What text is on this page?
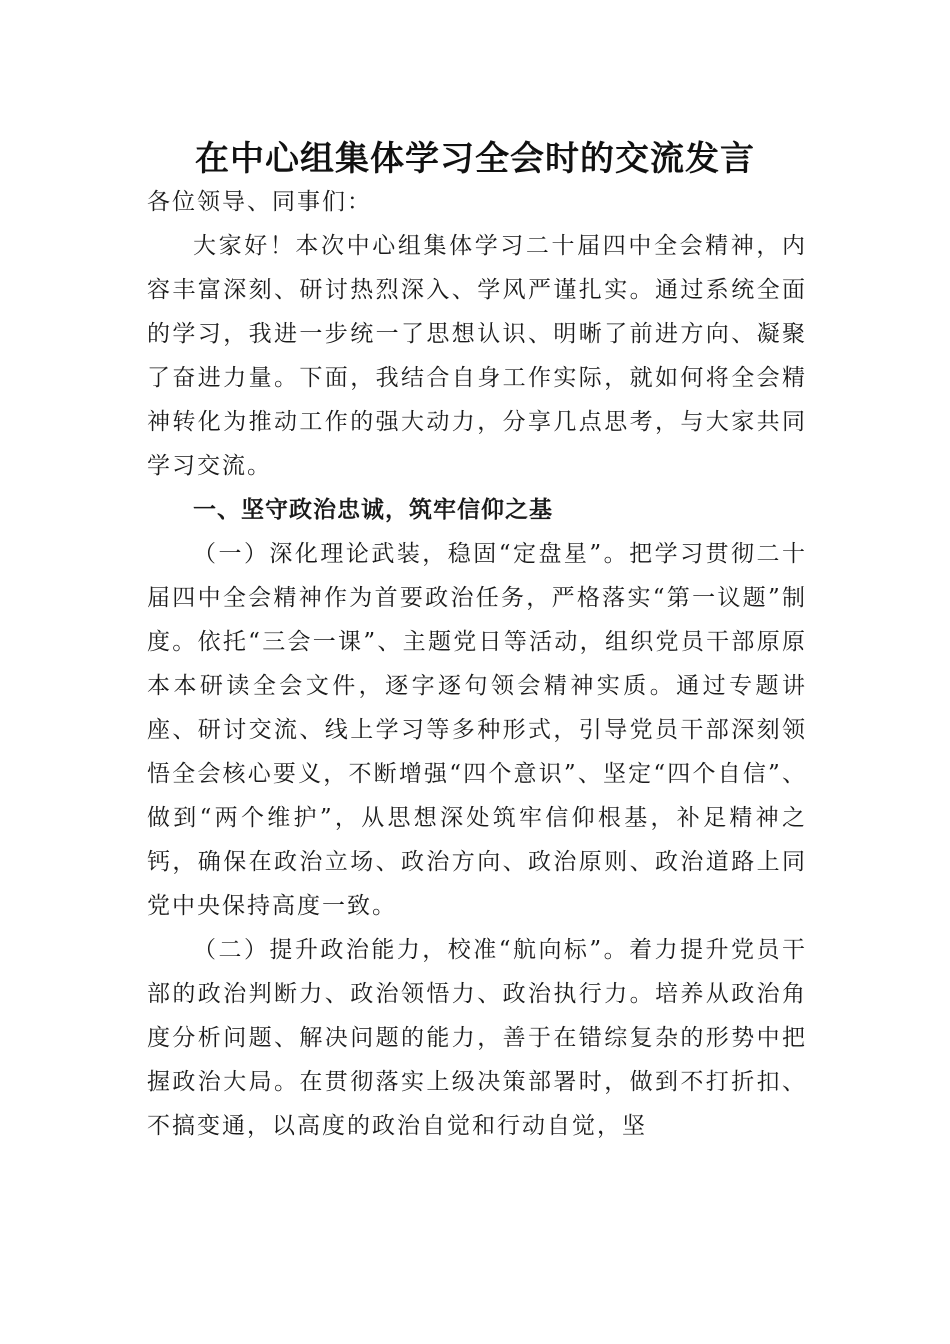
在中心组集体学习全会时的交流发言

各位领导、同事们：

大家好！本次中心组集体学习二十届四中全会精神，内容丰富深刻、研讨热烈深入、学风严谨扎实。通过系统全面的学习，我进一步统一了思想认识、明晰了前进方向、凝聚了奋进力量。下面，我结合自身工作实际，就如何将全会精神转化为推动工作的强大动力，分享几点思考，与大家共同学习交流。

一、坚守政治忠诚，筑牢信仰之基

（一）深化理论武装，稳固“定盘星”。把学习贯彻二十届四中全会精神作为首要政治任务，严格落实“第一议题”制度。依托“三会一课”、主题党日等活动，组织党员干部原原本本研读全会文件，逐字逐句领会精神实质。通过专题讲座、研讨交流、线上学习等多种形式，引导党员干部深刻领悟全会核心要义，不断增强“四个意识”、坚定“四个自信”、做到“两个维护”，从思想深处筑牢信仰根基，补足精神之钙，确保在政治立场、政治方向、政治原则、政治道路上同党中央保持高度一致。

（二）提升政治能力，校准“航向标”。着力提升党员干部的政治判断力、政治领悟力、政治执行力。培养从政治角度分析问题、解决问题的能力，善于在错综复杂的形势中把握政治大局。在贯彻落实上级决策部署时，做到不打折扣、不搞变通，以高度的政治自觉和行动自觉，坚
